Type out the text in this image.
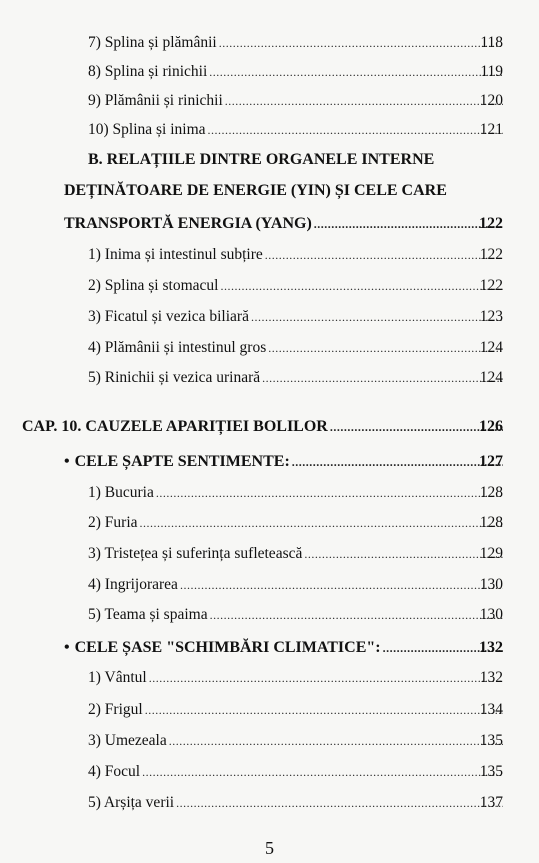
7) Splina și plămânii .....	118
8) Splina și rinichii .....	119
9) Plămânii și rinichii .....	120
10) Splina și inima .....	121
B. RELAȚIILE DINTRE ORGANELE INTERNE
DEȚINĂTOARE DE ENERGIE (YIN) ȘI CELE CARE
TRANSPORTĂ ENERGIA (YANG) .....	122
1) Inima și intestinul subțire .....	122
2) Splina și stomacul .....	122
3) Ficatul și vezica biliară .....	123
4) Plămânii și intestinul gros .....	124
5) Rinichii și vezica urinară .....	124
CAP. 10. CAUZELE APARIȚIEI BOLILOR .....	126
• CELE ȘAPTE SENTIMENTE: .....	127
1) Bucuria .....	128
2) Furia .....	128
3) Tristețea și suferința sufletească .....	129
4) Ingrijorarea .....	130
5) Teama și spaima .....	130
• CELE ȘASE "SCHIMBĂRI CLIMATICE": .....	132
1) Vântul .....	132
2) Frigul .....	134
3) Umezeala .....	135
4) Focul .....	135
5) Arșița verii .....	137
5
